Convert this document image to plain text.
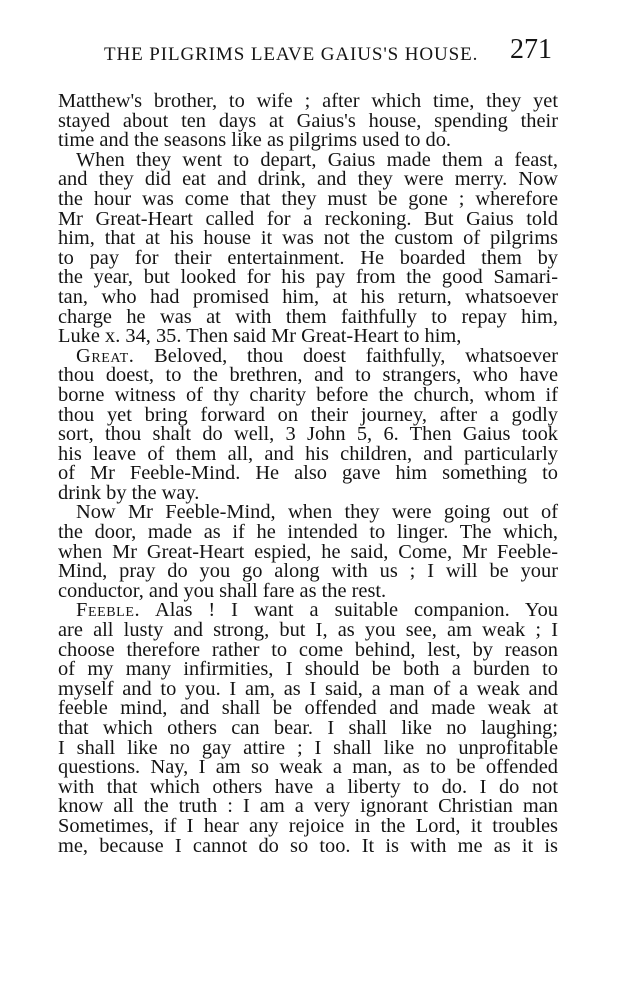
THE PILGRIMS LEAVE GAIUS'S HOUSE. 271

Matthew's brother, to wife ; after which time, they yet
stayed about ten days at Gaius's house, spending their
time and the seasons like as pilgrims used to do.

When they went to depart, Gaius made them a feast,
and they did eat and drink, and they were merry. Now
the hour was come that they must be gone ; wherefore
Mr Great-Heart called for a reckoning. But Gaius told
him, that at his house it was not the custom of pilgrims
to pay for their entertainment. He boarded them by
the year, but looked for his pay from the good Samari-
tan, who had promised him, at his return, whatsoever
charge he was at with them faithfully to repay him,
Luke x. 34, 35. Then said Mr Great-Heart to him,

Great. Beloved, thou doest faithfully, whatsoever
thou doest, to the brethren, and to strangers, who have
borne witness of thy charity before the church, whom if
thou yet bring forward on their journey, after a godly
sort, thou shalt do well, 3 John 5, 6. Then Gaius took
his leave of them all, and his children, and particularly
of Mr Feeble-Mind. He also gave him something to
drink by the way.

Now Mr Feeble-Mind, when they were going out of
the door, made as if he intended to linger. The which,
when Mr Great-Heart espied, he said, Come, Mr Feeble-
Mind, pray do you go along with us ; I will be your
conductor, and you shall fare as the rest.

Feeble. Alas ! I want a suitable companion. You
are all lusty and strong, but I, as you see, am weak ; I
choose therefore rather to come behind, lest, by reason
of my many infirmities, I should be both a burden to
myself and to you. I am, as I said, a man of a weak and
feeble mind, and shall be offended and made weak at
that which others can bear. I shall like no laughing;
I shall like no gay attire ; I shall like no unprofitable
questions. Nay, I am so weak a man, as to be offended
with that which others have a liberty to do. I do not
know all the truth : I am a very ignorant Christian man
Sometimes, if I hear any rejoice in the Lord, it troubles
me, because I cannot do so too. It is with me as it is
